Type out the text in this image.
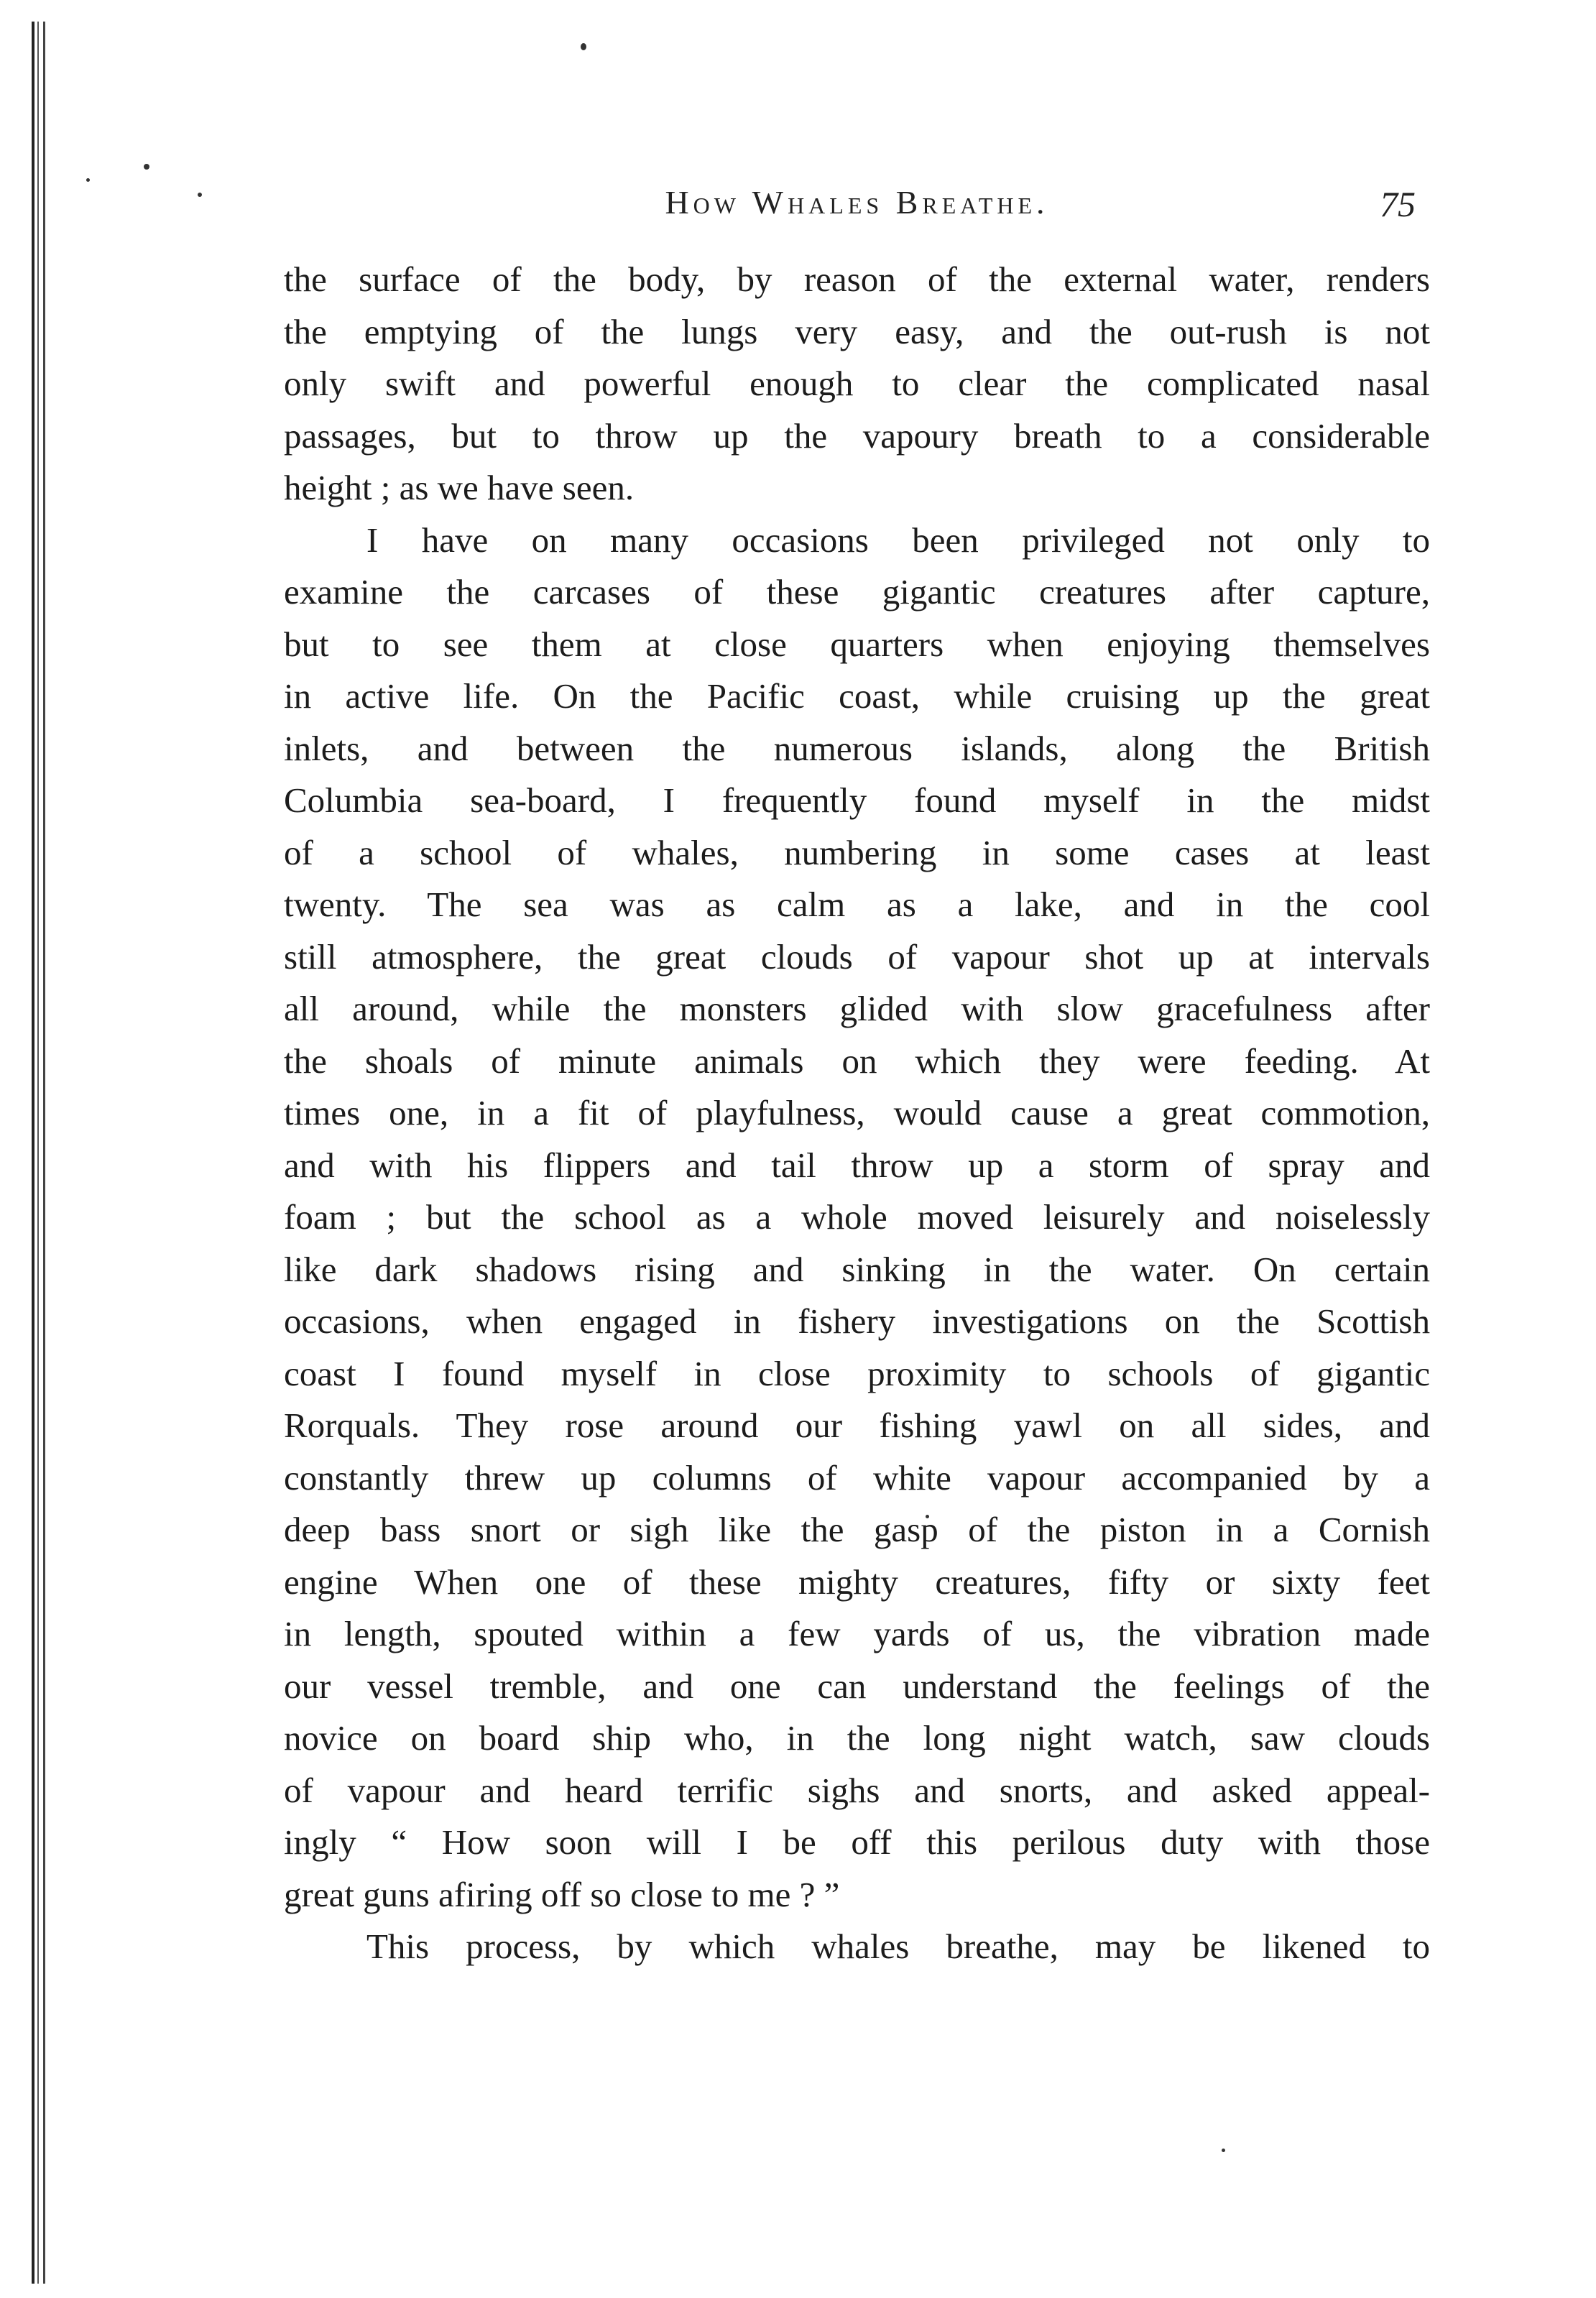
How Whales Breathe.	75
the surface of the body, by reason of the external water, renders
the emptying of the lungs very easy, and the out-rush is not
only swift and powerful enough to clear the complicated nasal
passages, but to throw up the vapoury breath to a considerable
height ; as we have seen.
I have on many occasions been privileged not only to
examine the carcases of these gigantic creatures after capture,
but to see them at close quarters when enjoying themselves
in active life. On the Pacific coast, while cruising up the great
inlets, and between the numerous islands, along the British
Columbia sea-board, I frequently found myself in the midst
of a school of whales, numbering in some cases at least
twenty. The sea was as calm as a lake, and in the cool
still atmosphere, the great clouds of vapour shot up at intervals
all around, while the monsters glided with slow gracefulness after
the shoals of minute animals on which they were feeding. At
times one, in a fit of playfulness, would cause a great commotion,
and with his flippers and tail throw up a storm of spray and
foam ; but the school as a whole moved leisurely and noiselessly
like dark shadows rising and sinking in the water. On certain
occasions, when engaged in fishery investigations on the Scottish
coast I found myself in close proximity to schools of gigantic
Rorquals. They rose around our fishing yawl on all sides, and
constantly threw up columns of white vapour accompanied by a
deep bass snort or sigh like the gasp of the piston in a Cornish
engine When one of these mighty creatures, fifty or sixty feet
in length, spouted within a few yards of us, the vibration made
our vessel tremble, and one can understand the feelings of the
novice on board ship who, in the long night watch, saw clouds
of vapour and heard terrific sighs and snorts, and asked appeal-
ingly “ How soon will I be off this perilous duty with those
great guns afiring off so close to me ? ”
This process, by which whales breathe, may be likened to
